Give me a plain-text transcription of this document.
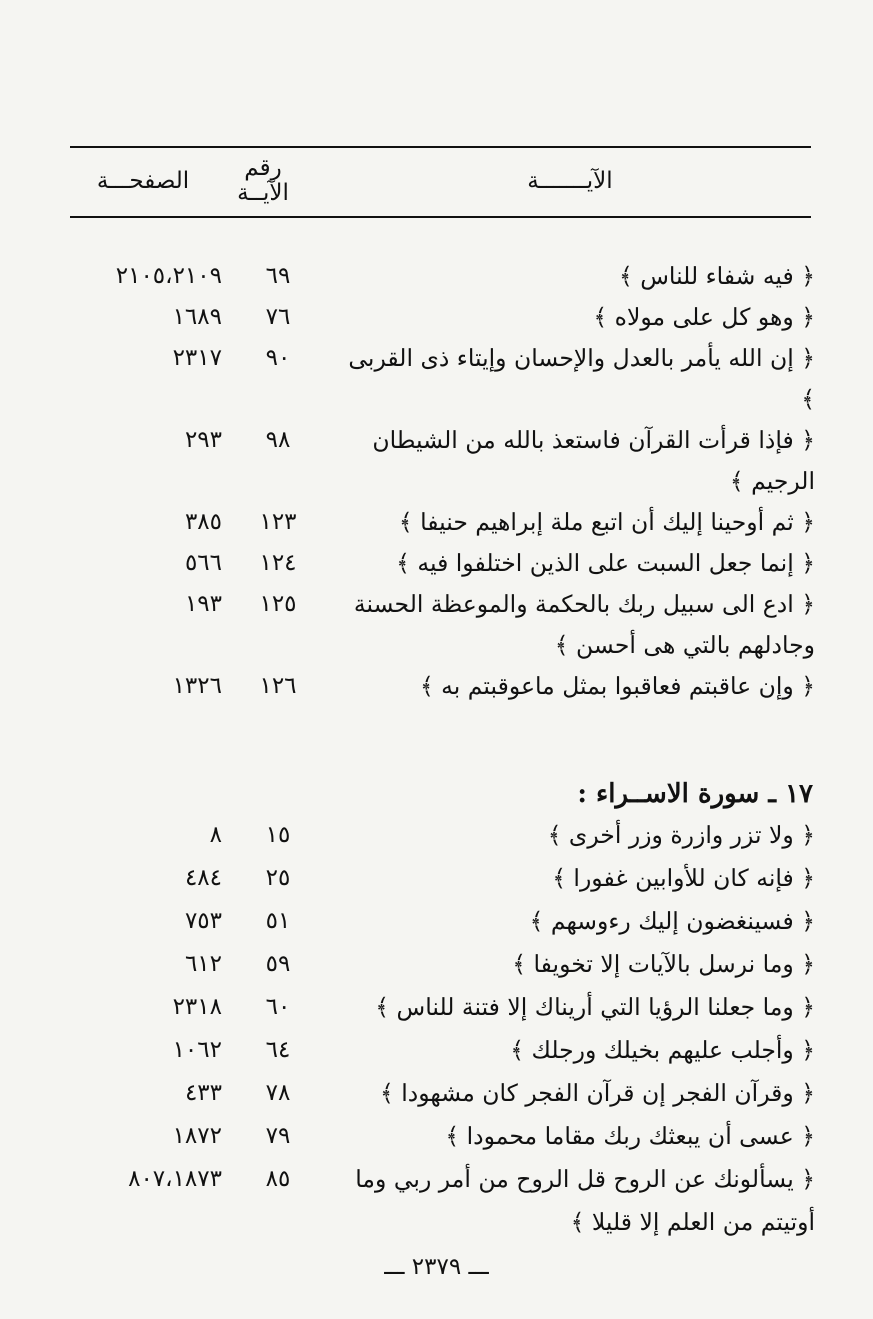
الآيـــــــة
رقم الآيــة
الصفحـــة
﴿ فيه شفاء للناس ﴾
٦٩
٢١٠٥،٢١٠٩
﴿ وهو كل على مولاه ﴾
٧٦
١٦٨٩
﴿ إن الله يأمر بالعدل والإحسان وإيتاء ذى القربى ﴾
٩٠
٢٣١٧
﴿ فإذا قرأت القرآن فاستعذ بالله من الشيطان الرجيم ﴾
٩٨
٢٩٣
﴿ ثم أوحينا إليك أن اتبع ملة إبراهيم حنيفا ﴾
١٢٣
٣٨٥
﴿ إنما جعل السبت على الذين اختلفوا فيه ﴾
١٢٤
٥٦٦
﴿ ادع الى سبيل ربك بالحكمة والموعظة الحسنة وجادلهم بالتي هى أحسن ﴾
١٢٥
١٩٣
﴿ وإن عاقبتم فعاقبوا بمثل ماعوقبتم به ﴾
١٢٦
١٣٢٦
١٧ ـ سورة الاســراء :
﴿ ولا تزر وازرة وزر أخرى ﴾
١٥
٨
﴿ فإنه كان للأوابين غفورا ﴾
٢٥
٤٨٤
﴿ فسينغضون إليك رءوسهم ﴾
٥١
٧٥٣
﴿ وما نرسل بالآيات إلا تخويفا ﴾
٥٩
٦١٢
﴿ وما جعلنا الرؤيا التي أريناك إلا فتنة للناس ﴾
٦٠
٢٣١٨
﴿ وأجلب عليهم بخيلك ورجلك ﴾
٦٤
١٠٦٢
﴿ وقرآن الفجر إن قرآن الفجر كان مشهودا ﴾
٧٨
٤٣٣
﴿ عسى أن يبعثك ربك مقاما محمودا ﴾
٧٩
١٨٧٢
﴿ يسألونك عن الروح قل الروح من أمر ربي وما أوتيتم من العلم إلا قليلا ﴾
٨٥
٨٠٧،١٨٧٣
ـــ ٢٣٧٩ ـــ
